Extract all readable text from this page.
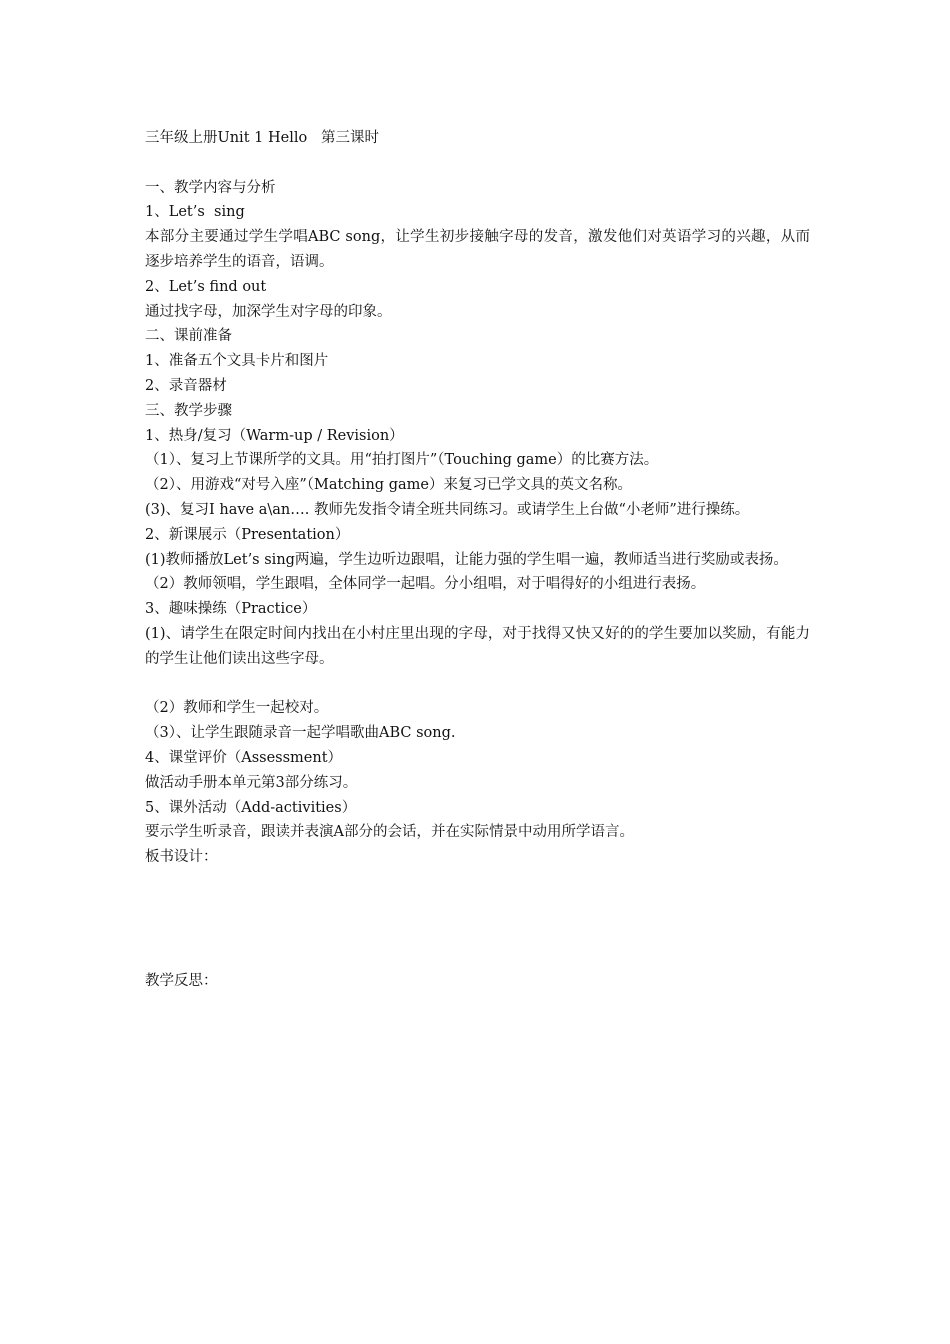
三年级上册Unit 1 Hello   第三课时
一、教学内容与分析
1、Let’s  sing
本部分主要通过学生学唱ABC song，让学生初步接触字母的发音，激发他们对英语学习的兴趣，从而逐步培养学生的语音，语调。
2、Let’s find out
通过找字母，加深学生对字母的印象。
二、课前准备
1、准备五个文具卡片和图片
2、录音器材
三、教学步骤
1、热身/复习（Warm-up / Revision）
（1）、复习上节课所学的文具。用“拍打图片”（Touching game）的比赛方法。
（2）、用游戏“对号入座”（Matching game）来复习已学文具的英文名称。
(3)、复习I have a\an…. 教师先发指令请全班共同练习。或请学生上台做“小老师”进行操练。
2、新课展示（Presentation）
(1)教师播放Let’s sing两遍，学生边听边跟唱，让能力强的学生唱一遍，教师适当进行奖励或表扬。
（2）教师领唱，学生跟唱，全体同学一起唱。分小组唱，对于唱得好的小组进行表扬。
3、趣味操练（Practice）
(1)、请学生在限定时间内找出在小村庄里出现的字母，对于找得又快又好的的学生要加以奖励，有能力的学生让他们读出这些字母。
（2）教师和学生一起校对。
（3）、让学生跟随录音一起学唱歌曲ABC song.
4、课堂评价（Assessment）
做活动手册本单元第3部分练习。
5、课外活动（Add-activities）
要示学生听录音，跟读并表演A部分的会话，并在实际情景中动用所学语言。
板书设计：
教学反思：
